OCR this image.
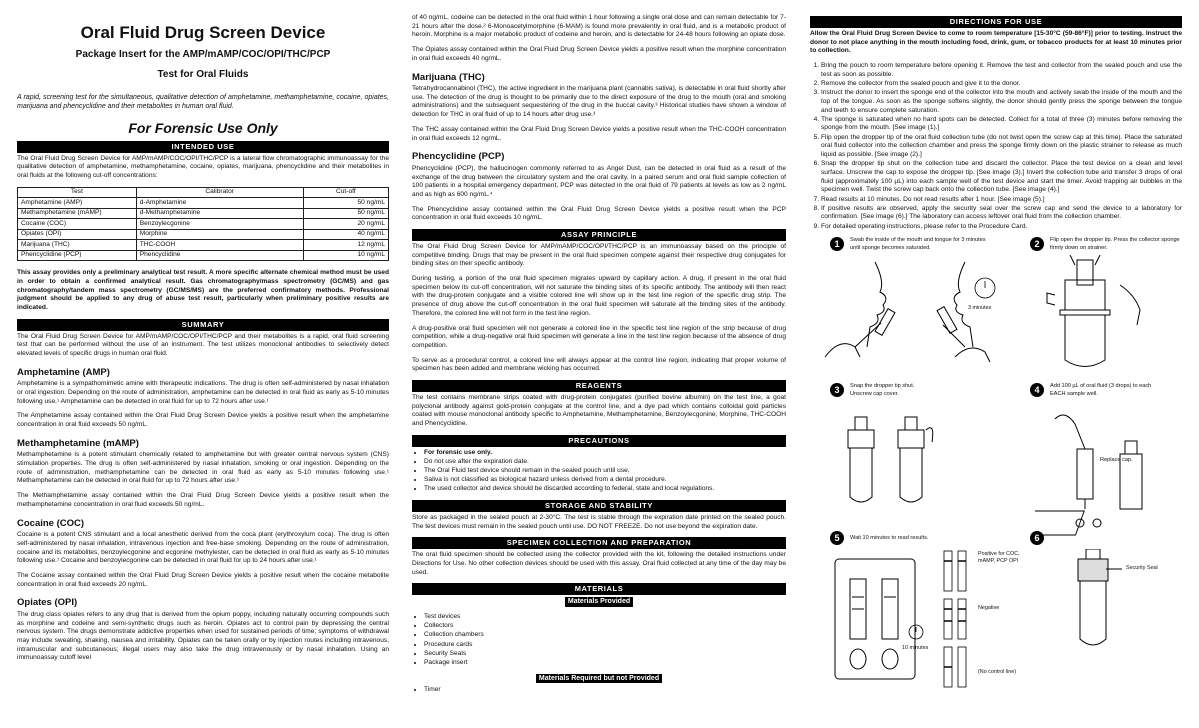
Oral Fluid Drug Screen Device
Package Insert for the AMP/mAMP/COC/OPI/THC/PCP
Test for Oral Fluids
A rapid, screening test for the simultaneous, qualitative detection of amphetamine, methamphetamine, cocaine, opiates, marijuana and phencyclidine and their metabolites in human oral fluid.
For Forensic Use Only
INTENDED USE

The Oral Fluid Drug Screen Device for AMP/mAMP/COC/OPI/THC/PCP is a lateral flow chromatographic immunoassay for the qualitative detection of amphetamine, methamphetamine, cocaine, opiates, marijuana, phencyclidine and their metabolites in oral fluids at the following cut-off concentrations:

Test	Calibrator	Cut-off
Amphetamine (AMP)	d-Amphetamine	50 ng/mL
Methamphetamine (mAMP)	d-Methamphetamine	50 ng/mL
Cocaine (COC)	Benzoylecgonine	20 ng/mL
Opiates (OPI)	Morphine	40 ng/mL
Marijuana (THC)	THC-COOH	12 ng/mL
Phencyclidine (PCP)	Phencyclidine	10 ng/mL

This assay provides only a preliminary analytical test result. A more specific alternate chemical method must be used in order to obtain a confirmed analytical result. Gas chromatography/mass spectrometry (GC/MS) and gas chromatography/tandem mass spectrometry (GC/MS/MS) are the preferred confirmatory methods. Professional judgment should be applied to any drug of abuse test result, particularly when preliminary positive results are indicated.

SUMMARY

The Oral Fluid Drug Screen Device for AMP/mAMP/COC/OPI/THC/PCP and their metabolites is a rapid, oral fluid screening test that can be performed without the use of an instrument. The test utilizes monoclonal antibodies to selectively detect elevated levels of specific drugs in human oral fluid.

Amphetamine (AMP)

Amphetamine is a sympathomimetic amine with therapeutic indications. The drug is often self-administered by nasal inhalation or oral ingestion. Depending on the route of administration, amphetamine can be detected in oral fluid as early as 5-10 minutes following use.¹ Amphetamine can be detected in oral fluid for up to 72 hours after use.¹

The Amphetamine assay contained within the Oral Fluid Drug Screen Device yields a positive result when the amphetamine concentration in oral fluid exceeds 50 ng/mL.

Methamphetamine (mAMP)

Methamphetamine is a potent stimulant chemically related to amphetamine but with greater central nervous system (CNS) stimulation properties. The drug is often self-administered by nasal inhalation, smoking or oral ingestion. Depending on the route of administration, methamphetamine can be detected in oral fluid as early as 5-10 minutes following use.¹ Methamphetamine can be detected in oral fluid for up to 72 hours after use.¹

The Methamphetamine assay contained within the Oral Fluid Drug Screen Device yields a positive result when the methamphetamine concentration in oral fluid exceeds 50 ng/mL.

Cocaine (COC)

Cocaine is a potent CNS stimulant and a local anesthetic derived from the coca plant (erythroxylum coca). The drug is often self-administered by nasal inhalation, intravenous injection and free-base smoking. Depending on the route of administration, cocaine and its metabolites, benzoylecgonine and ecgonine methylester, can be detected in oral fluid as early as 5-10 minutes following use.¹ Cocaine and benzoylecgonine can be detected in oral fluid for up to 24 hours after use.¹

The Cocaine assay contained within the Oral Fluid Drug Screen Device yields a positive result when the cocaine metabolite concentration in oral fluid exceeds 20 ng/mL.

Opiates (OPI)

The drug class opiates refers to any drug that is derived from the opium poppy, including naturally occurring compounds such as morphine and codeine and semi-synthetic drugs such as heroin. Opiates act to control pain by depressing the central nervous system. The drugs demonstrate addictive properties when used for sustained periods of time; symptoms of withdrawal may include sweating, shaking, nausea and irritability. Opiates can be taken orally or by injection routes including intravenous, intramuscular and subcutaneous; illegal users may also take the drug intravenously or by nasal inhalation. Using an immunoassay cutoff level

of 40 ng/mL, codeine can be detected in the oral fluid within 1 hour following a single oral dose and can remain detectable for 7-21 hours after the dose.² 6-Monoacetylmorphine (6-MAM) is found more prevalently in oral fluid, and is a metabolic product of heroin. Morphine is a major metabolic product of codeine and heroin, and is detectable for 24-48 hours following an opiate dose.

The Opiates assay contained within the Oral Fluid Drug Screen Device yields a positive result when the morphine concentration in oral fluid exceeds 40 ng/mL.

Marijuana (THC)

Tetrahydrocannabinol (THC), the active ingredient in the marijuana plant (cannabis sativa), is detectable in oral fluid shortly after use. The detection of the drug is thought to be primarily due to the direct exposure of the drug to the mouth (oral and smoking administrations) and the subsequent sequestering of the drug in the buccal cavity.³ Historical studies have shown a window of detection for THC in oral fluid of up to 14 hours after drug use.³

The THC assay contained within the Oral Fluid Drug Screen Device yields a positive result when the THC-COOH concentration in oral fluid exceeds 12 ng/mL.

Phencyclidine (PCP)

Phencyclidine (PCP), the hallucinogen commonly referred to as Angel Dust, can be detected in oral fluid as a result of the exchange of the drug between the circulatory system and the oral cavity. In a paired serum and oral fluid sample collection of 100 patients in a hospital emergency department, PCP was detected in the oral fluid of 79 patients at levels as low as 2 ng/mL and as high as 600 ng/mL.⁴

The Phencyclidine assay contained within the Oral Fluid Drug Screen Device yields a positive result when the PCP concentration in oral fluid exceeds 10 ng/mL.

ASSAY PRINCIPLE

The Oral Fluid Drug Screen Device for AMP/mAMP/COC/OPI/THC/PCP is an immunoassay based on the principle of competitive binding. Drugs that may be present in the oral fluid specimen compete against their respective drug conjugates for binding sites on their specific antibody.

During testing, a portion of the oral fluid specimen migrates upward by capillary action. A drug, if present in the oral fluid specimen below its cut-off concentration, will not saturate the binding sites of its specific antibody. The antibody will then react with the drug-protein conjugate and a visible colored line will show up in the test line region of the specific drug strip. The presence of drug above the cut-off concentration in the oral fluid specimen will saturate all the binding sites of the antibody. Therefore, the colored line will not form in the test line region.

A drug-positive oral fluid specimen will not generate a colored line in the specific test line region of the strip because of drug competition, while a drug-negative oral fluid specimen will generate a line in the test line region because of the absence of drug competition.

To serve as a procedural control, a colored line will always appear at the control line region, indicating that proper volume of specimen has been added and membrane wicking has occurred.

REAGENTS

The test contains membrane strips coated with drug-protein conjugates (purified bovine albumin) on the test line, a goat polyclonal antibody against gold-protein conjugate at the control line, and a dye pad which contains colloidal gold particles coated with mouse monoclonal antibody specific to Amphetamine, Methamphetamine, Benzoylecgonine, Morphine, THC-COOH and Phencyclidine.

PRECAUTIONS
• For forensic use only.
• Do not use after the expiration date.
• The Oral Fluid test device should remain in the sealed pouch until use.
• Saliva is not classified as biological hazard unless derived from a dental procedure.
• The used collector and device should be discarded according to federal, state and local regulations.
STORAGE AND STABILITY

Store as packaged in the sealed pouch at 2-30°C. The test is stable through the expiration date printed on the sealed pouch. The test devices must remain in the sealed pouch until use. DO NOT FREEZE. Do not use beyond the expiration date.

SPECIMEN COLLECTION AND PREPARATION

The oral fluid specimen should be collected using the collector provided with the kit, following the detailed instructions under Directions for Use. No other collection devices should be used with this assay. Oral fluid collected at any time of the day may be used.

MATERIALS
Materials Provided
• Test devices
• Collectors
• Collection chambers
• Procedure cards
• Security Seals
• Package insert
Materials Required but not Provided
• Timer
DIRECTIONS FOR USE

Allow the Oral Fluid Drug Screen Device to come to room temperature [15-30°C (59-86°F)] prior to testing. Instruct the donor to not place anything in the mouth including food, drink, gum, or tobacco products for at least 10 minutes prior to collection.

1. Bring the pouch to room temperature before opening it. Remove the test and collector from the sealed pouch and use the test as soon as possible.
2. Remove the collector from the sealed pouch and give it to the donor.
3. Instruct the donor to insert the sponge end of the collector into the mouth and actively swab the inside of the mouth and the top of the tongue. As soon as the sponge softens slightly, the donor should gently press the sponge between the tongue and teeth to ensure complete saturation.
4. The sponge is saturated when no hard spots can be detected. Collect for a total of three (3) minutes before removing the sponge from the mouth. [See image (1).]
5. Flip open the dropper tip of the oral fluid collection tube (do not twist open the screw cap at this time). Place the saturated oral fluid collector into the collection chamber and press the sponge firmly down on the plastic strainer to release as much liquid as possible. [See image (2).]
6. Snap the dropper tip shut on the collection tube and discard the collector. Place the test device on a clean and level surface. Unscrew the cap to expose the dropper tip. [See image (3).] Invert the collection tube and transfer 3 drops of oral fluid (approximately 100 µL) into each sample well of the test device and start the timer. Avoid trapping air bubbles in the specimen well. Twist the screw cap back onto the collection tube. [See image (4).]
7. Read results at 10 minutes. Do not read results after 1 hour. [See image (5).]
8. If positive results are observed, apply the security seal over the screw cap and send the device to a laboratory for confirmation. [See image (6).] The laboratory can access leftover oral fluid from the collection chamber.
9. For detailed operating instructions, please refer to the Procedure Card.
1	Swab the inside of the mouth and tongue for 3 minutes until sponge becomes saturated.
3 minutes
2	Flip open the dropper tip. Press the collector sponge firmly down on strainer.
3	Snap the dropper tip shut. Unscrew cap cover.	4	Add 100 µL of oral fluid (3 drops) to each EACH sample well.
Replace cap.
5	Wait 10 minutes to read results.
10 minutes
Positive for COC, mAMP, PCP OPI
Negative
(No control line)
6
Security Seal
